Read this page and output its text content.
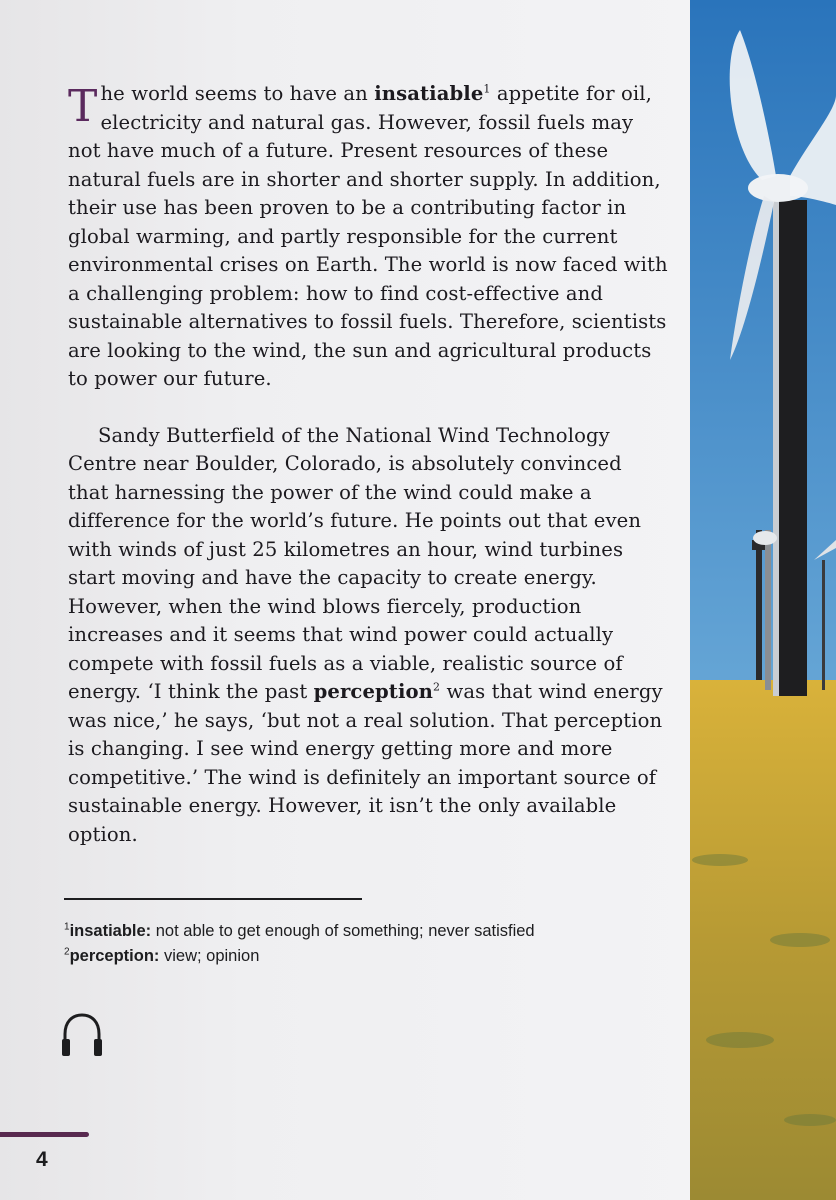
The world seems to have an insatiable$^1$ appetite for oil, electricity and natural gas. However, fossil fuels may not have much of a future. Present resources of these natural fuels are in shorter and shorter supply. In addition, their use has been proven to be a contributing factor in global warming, and partly responsible for the current environmental crises on Earth. The world is now faced with a challenging problem: how to find cost-effective and sustainable alternatives to fossil fuels. Therefore, scientists are looking to the wind, the sun and agricultural products to power our future.

Sandy Butterfield of the National Wind Technology Centre near Boulder, Colorado, is absolutely convinced that harnessing the power of the wind could make a difference for the world’s future. He points out that even with winds of just 25 kilometres an hour, wind turbines start moving and have the capacity to create energy. However, when the wind blows fiercely, production increases and it seems that wind power could actually compete with fossil fuels as a viable, realistic source of energy. ‘I think the past perception$^2$ was that wind energy was nice,’ he says, ‘but not a real solution. That perception is changing. I see wind energy getting more and more competitive.’ The wind is definitely an important source of sustainable energy. However, it isn’t the only available option.

$^1$insatiable: not able to get enough of something; never satisfied
$^2$perception: view; opinion
4
